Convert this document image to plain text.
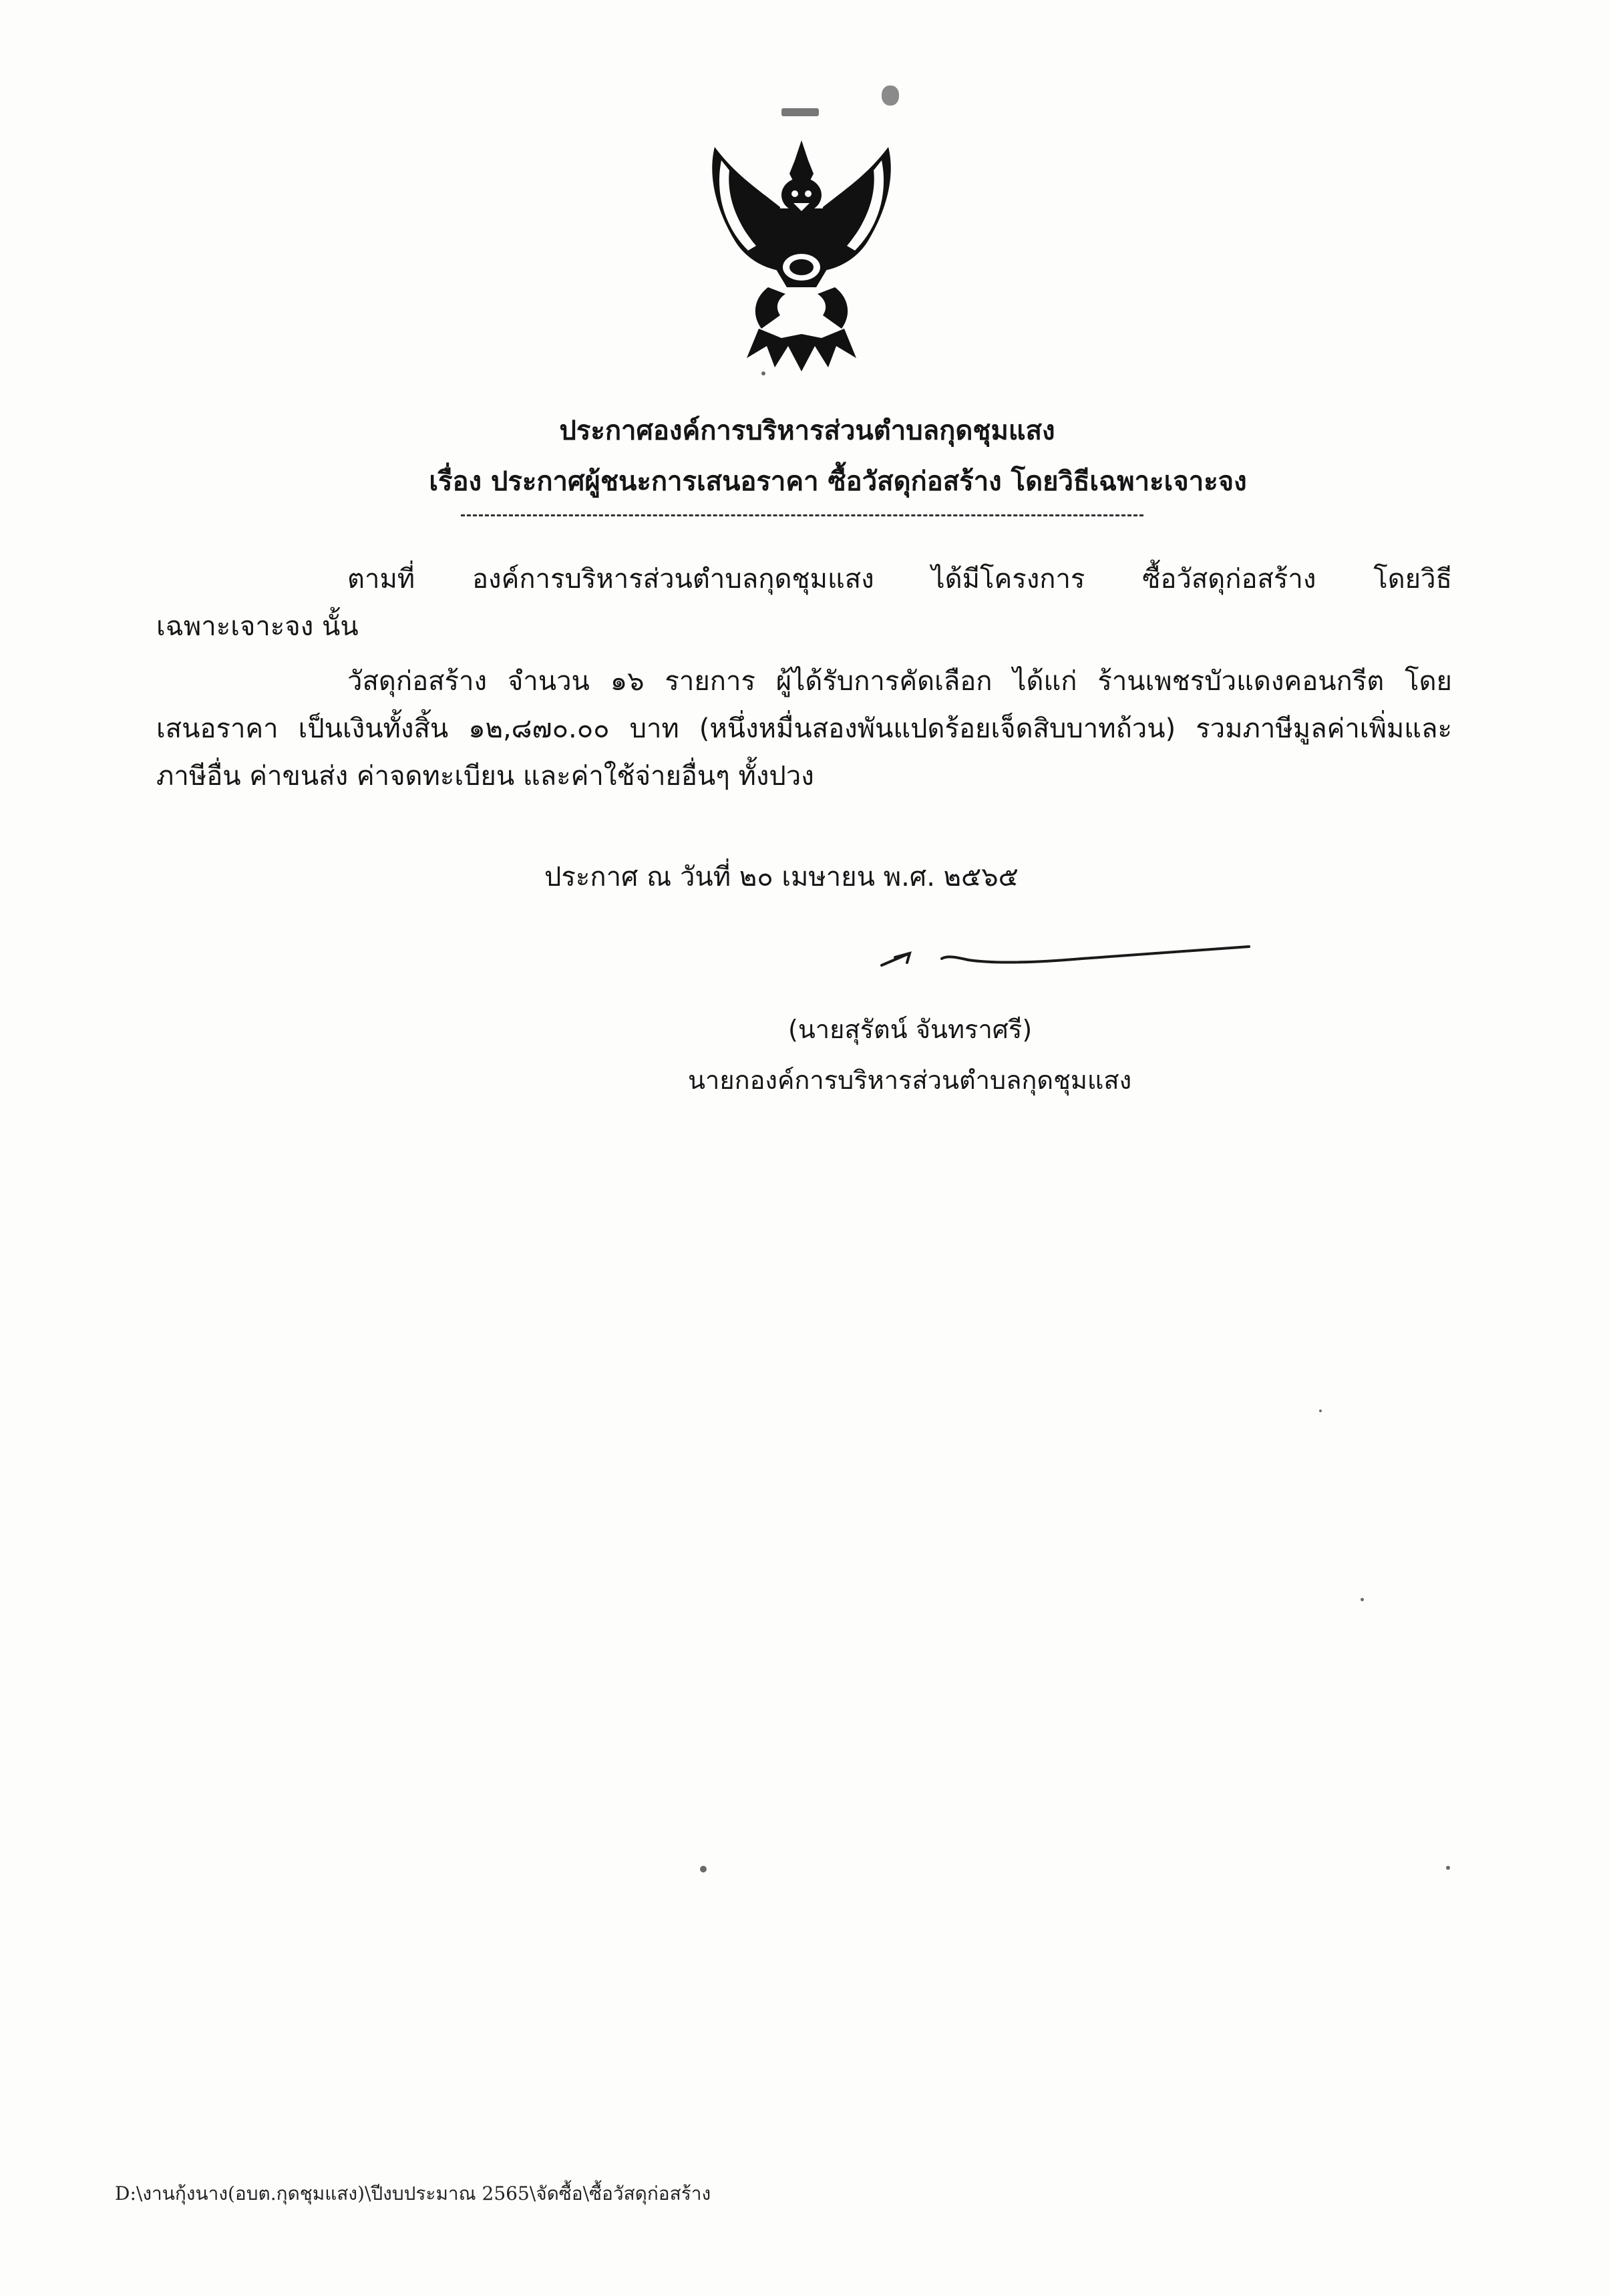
ประกาศองค์การบริหารส่วนตำบลกุดชุมแสง
เรื่อง ประกาศผู้ชนะการเสนอราคา ซื้อวัสดุก่อสร้าง โดยวิธีเฉพาะเจาะจง
ตามที่ องค์การบริหารส่วนตำบลกุดชุมแสง ได้มีโครงการ ซื้อวัสดุก่อสร้าง โดยวิธี
เฉพาะเจาะจง นั้น
วัสดุก่อสร้าง จำนวน ๑๖ รายการ ผู้ได้รับการคัดเลือก ได้แก่ ร้านเพชรบัวแดงคอนกรีต โดย
เสนอราคา เป็นเงินทั้งสิ้น ๑๒,๘๗๐.๐๐ บาท (หนึ่งหมื่นสองพันแปดร้อยเจ็ดสิบบาทถ้วน) รวมภาษีมูลค่าเพิ่มและ
ภาษีอื่น ค่าขนส่ง ค่าจดทะเบียน และค่าใช้จ่ายอื่นๆ ทั้งปวง
ประกาศ ณ วันที่ ๒๐ เมษายน พ.ศ. ๒๕๖๕
(นายสุรัตน์ จันทราศรี)
นายกองค์การบริหารส่วนตำบลกุดชุมแสง
D:\งานกุ้งนาง(อบต.กุดชุมแสง)\ปีงบประมาณ 2565\จัดซื้อ\ซื้อวัสดุก่อสร้าง
